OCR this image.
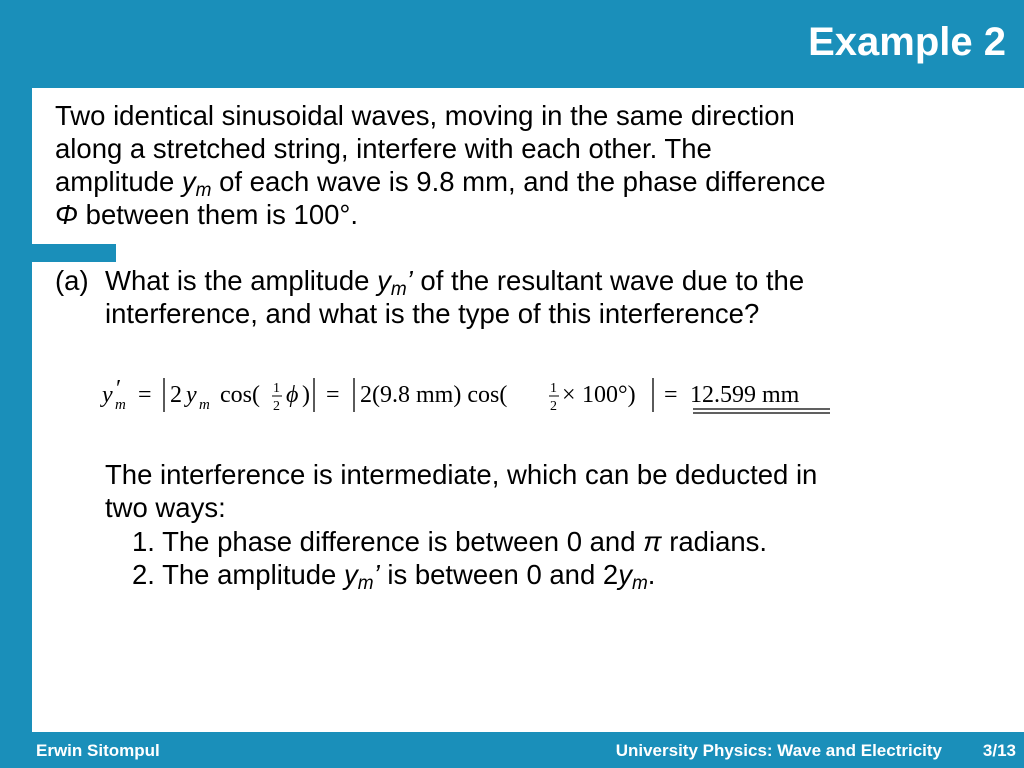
Example 2
Two identical sinusoidal waves, moving in the same direction
along a stretched string, interfere with each other. The
amplitude $y_m$ of each wave is 9.8 mm, and the phase difference
Φ between them is 100°.
(a) What is the amplitude $y_m$’ of the resultant wave due to the
interference, and what is the type of this interference?
y ′
m = 2 y m cos( 1
2 ϕ ) = 2(9.8 mm) cos(	1
2 × 100°) = 12.599 mm
The interference is intermediate, which can be deducted in
two ways:
1. The phase difference is between 0 and π radians.
2. The amplitude $y_m$’ is between 0 and $2y_m$.
Erwin Sitompul	University Physics: Wave and Electricity 3/13
